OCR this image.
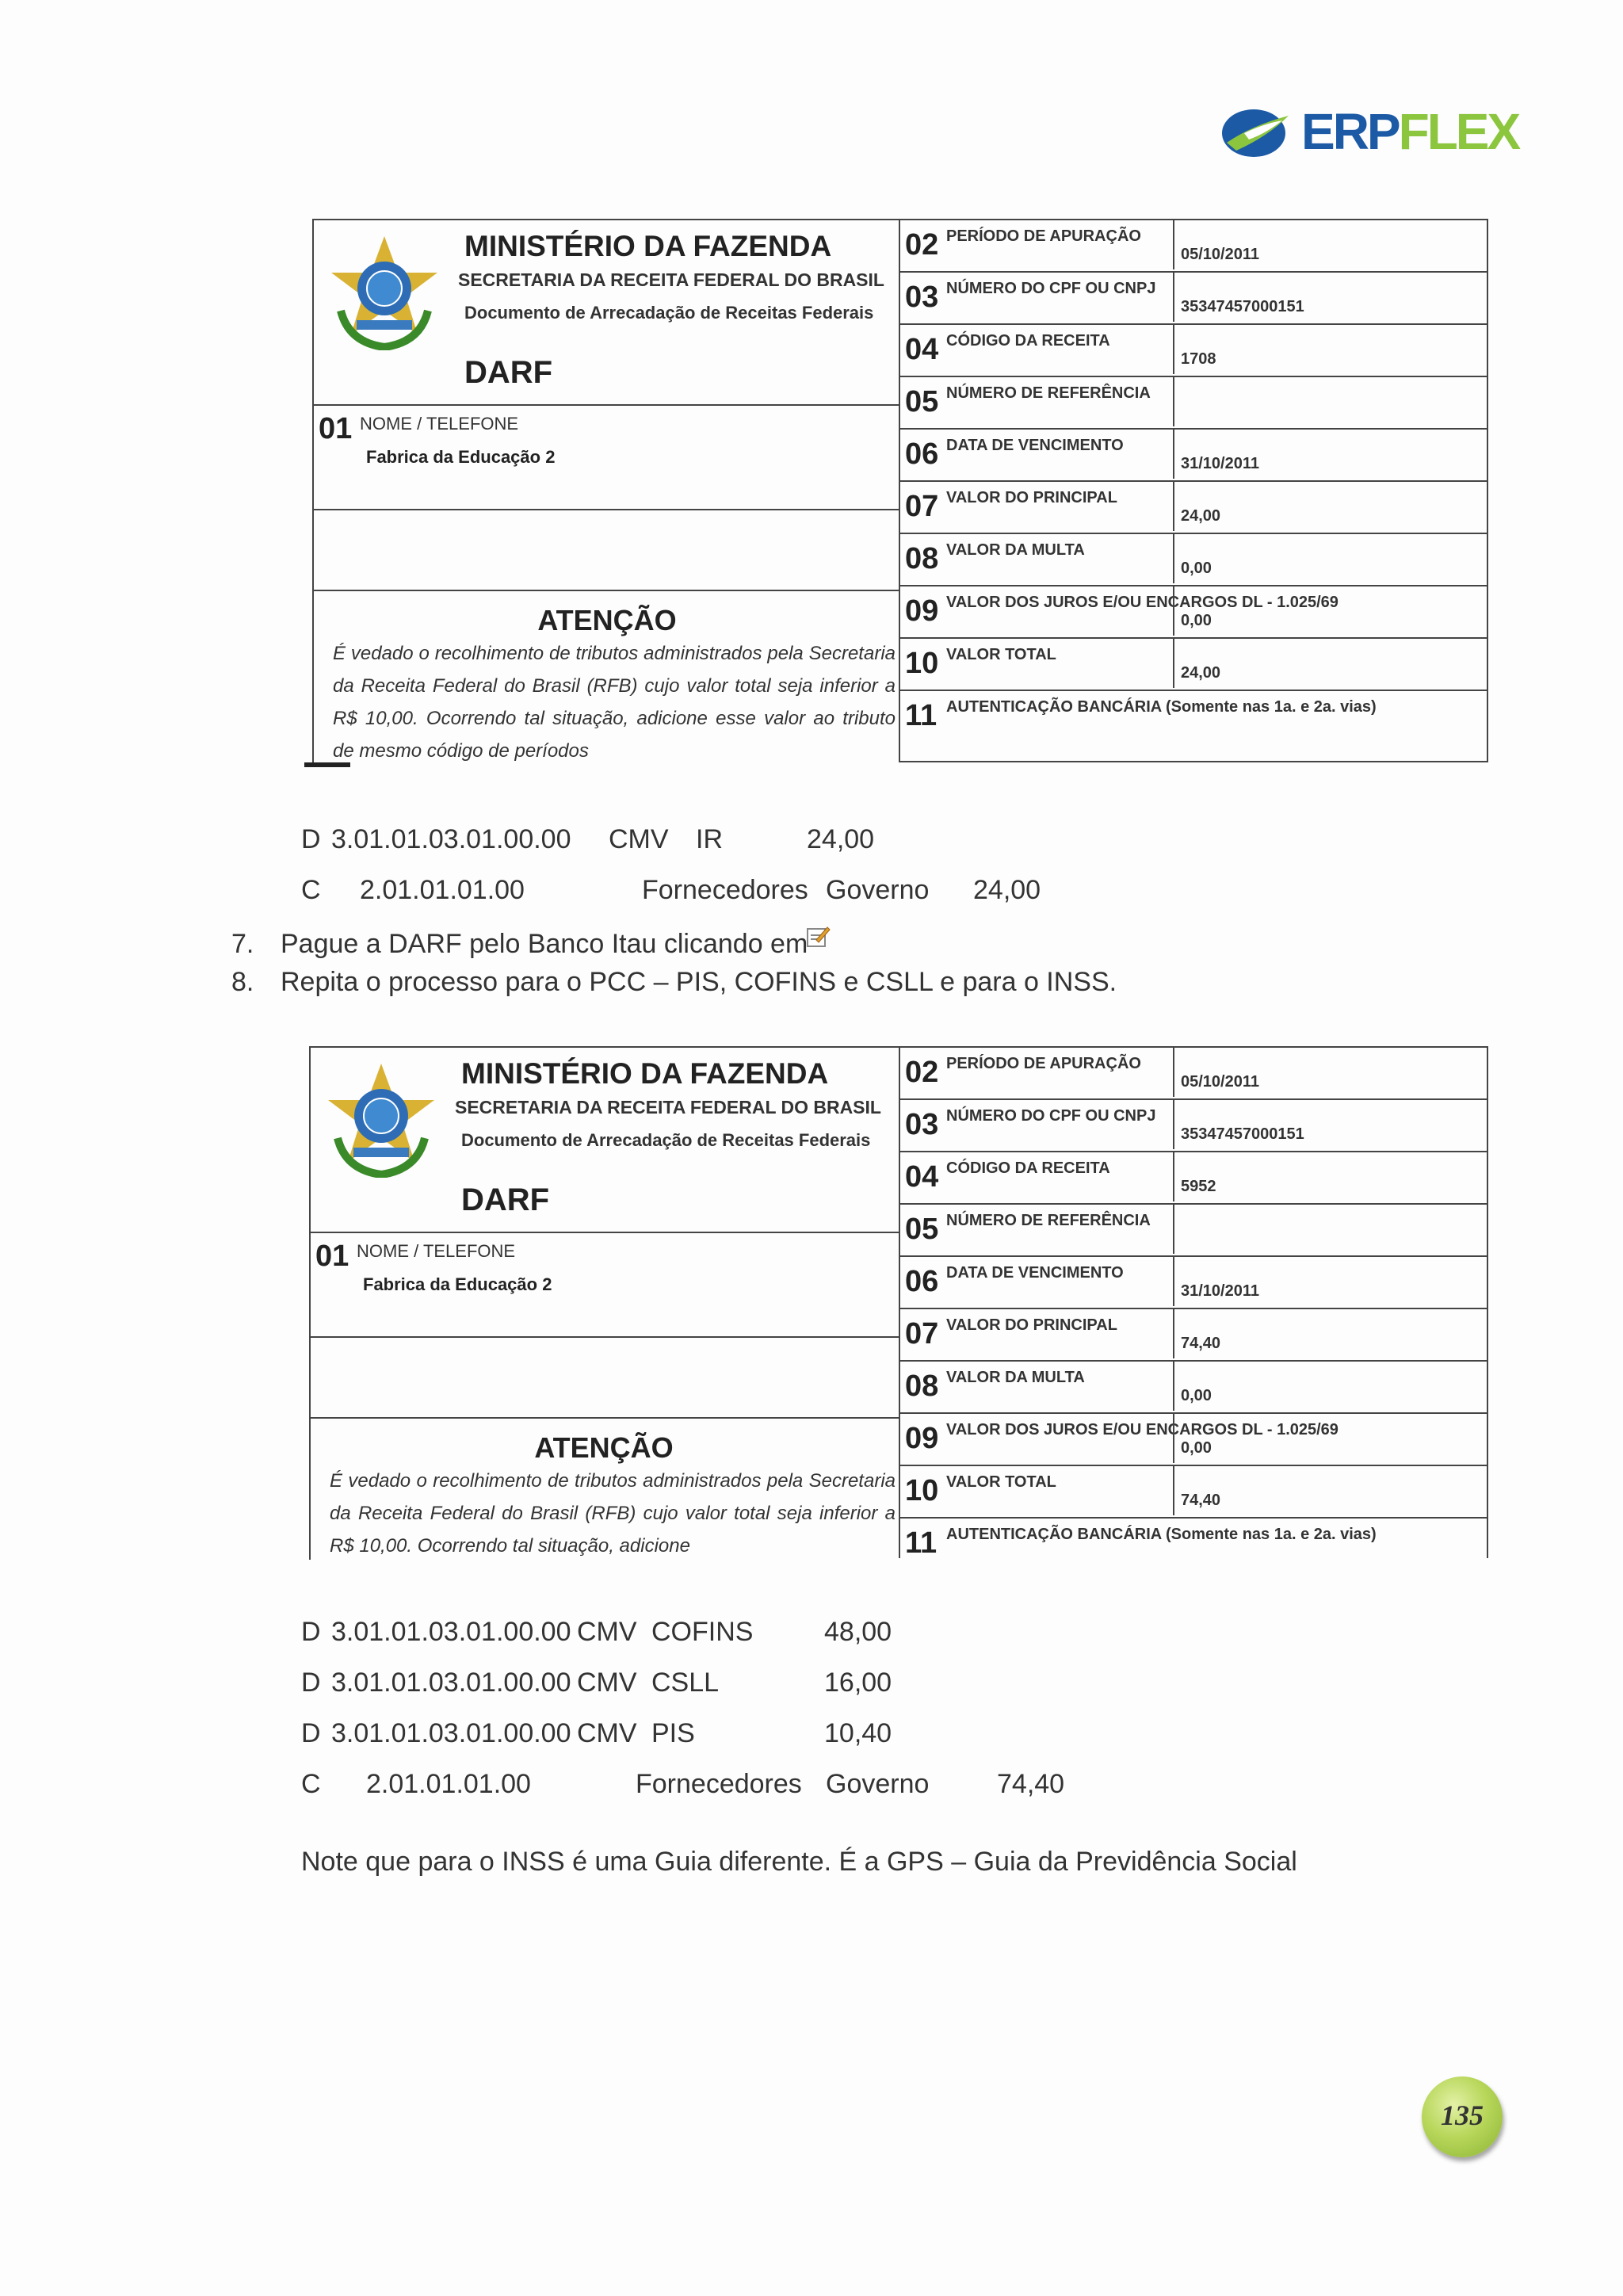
ERPFLEX
MINISTÉRIO DA FAZENDA
SECRETARIA DA RECEITA FEDERAL DO BRASIL
Documento de Arrecadação de Receitas Federais
DARF
01 NOME / TELEFONE
Fabrica da Educação 2
ATENÇÃO
É vedado o recolhimento de tributos administrados pela Secretaria da Receita Federal do Brasil (RFB) cujo valor total seja inferior a R$ 10,00. Ocorrendo tal situação, adicione esse valor ao tributo de mesmo código de períodos
02 PERÍODO DE APURAÇÃO
05/10/2011
03 NÚMERO DO CPF OU CNPJ
35347457000151
04 CÓDIGO DA RECEITA
1708
05 NÚMERO DE REFERÊNCIA
06 DATA DE VENCIMENTO
31/10/2011
07 VALOR DO PRINCIPAL
24,00
08 VALOR DA MULTA
0,00
09 VALOR DOS JUROS E/OU ENCARGOS DL - 1.025/69
0,00
10 VALOR TOTAL
24,00
11 AUTENTICAÇÃO BANCÁRIA (Somente nas 1a. e 2a. vias)
D 3.01.01.03.01.00.00 CMV IR	24,00
C 2.01.01.01.00	Fornecedores Governo 24,00
7. Pague a DARF pelo Banco Itau clicando em
8. Repita o processo para o PCC – PIS, COFINS e CSLL e para o INSS.
MINISTÉRIO DA FAZENDA
SECRETARIA DA RECEITA FEDERAL DO BRASIL
Documento de Arrecadação de Receitas Federais
DARF
01 NOME / TELEFONE
Fabrica da Educação 2
ATENÇÃO
É vedado o recolhimento de tributos administrados pela Secretaria da Receita Federal do Brasil (RFB) cujo valor total seja inferior a R$ 10,00. Ocorrendo tal situação, adicione
02 PERÍODO DE APURAÇÃO
05/10/2011
03 NÚMERO DO CPF OU CNPJ
35347457000151
04 CÓDIGO DA RECEITA
5952
05 NÚMERO DE REFERÊNCIA
06 DATA DE VENCIMENTO
31/10/2011
07 VALOR DO PRINCIPAL
74,40
08 VALOR DA MULTA
0,00
09 VALOR DOS JUROS E/OU ENCARGOS DL - 1.025/69
0,00
10 VALOR TOTAL
74,40
11 AUTENTICAÇÃO BANCÁRIA (Somente nas 1a. e 2a. vias)
D 3.01.01.03.01.00.00 CMV COFINS	48,00
D 3.01.01.03.01.00.00 CMV CSLL	16,00
D 3.01.01.03.01.00.00 CMV PIS	10,40
C 2.01.01.01.00	Fornecedores Governo	74,40
Note que para o INSS é uma Guia diferente. É a GPS – Guia da Previdência Social
135
